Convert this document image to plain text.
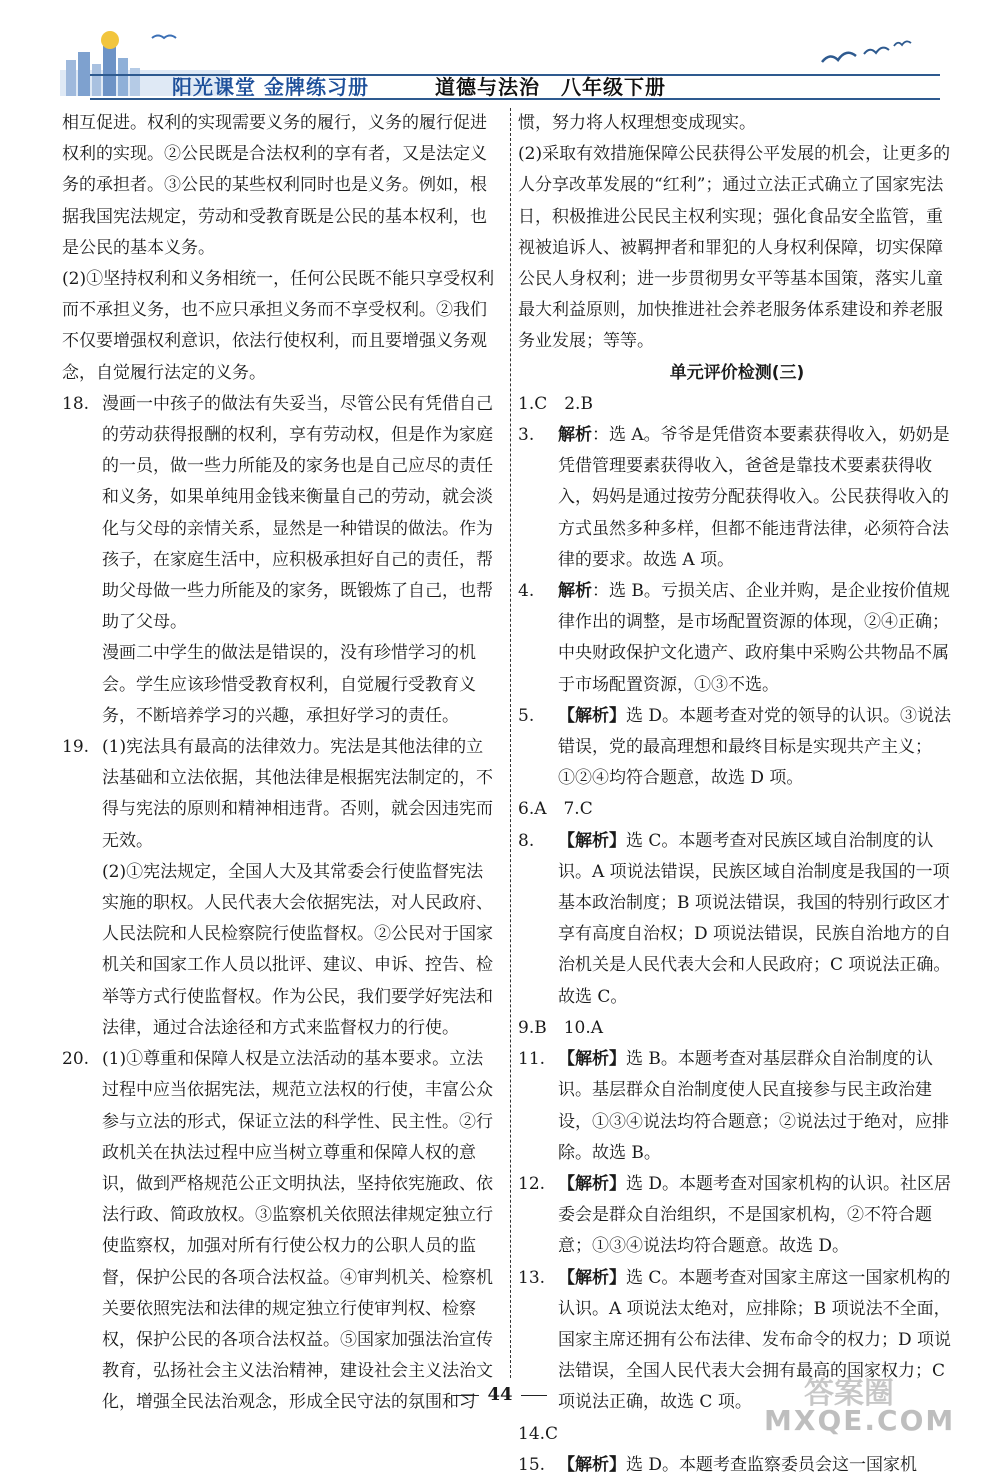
阳光课堂 金牌练习册	道德与法治　八年级下册

相互促进。权利的实现需要义务的履行，义务的履行促进权利的实现。②公民既是合法权利的享有者，又是法定义务的承担者。③公民的某些权利同时也是义务。例如，根据我国宪法规定，劳动和受教育既是公民的基本权利，也是公民的基本义务。

(2)①坚持权利和义务相统一，任何公民既不能只享受权利而不承担义务，也不应只承担义务而不享受权利。②我们不仅要增强权利意识，依法行使权利，而且要增强义务观念，自觉履行法定的义务。

18. 漫画一中孩子的做法有失妥当，尽管公民有凭借自己的劳动获得报酬的权利，享有劳动权，但是作为家庭的一员，做一些力所能及的家务也是自己应尽的责任和义务，如果单纯用金钱来衡量自己的劳动，就会淡化与父母的亲情关系，显然是一种错误的做法。作为孩子，在家庭生活中，应积极承担好自己的责任，帮助父母做一些力所能及的家务，既锻炼了自己，也帮助了父母。

漫画二中学生的做法是错误的，没有珍惜学习的机会。学生应该珍惜受教育权利，自觉履行受教育义务，不断培养学习的兴趣，承担好学习的责任。

19. (1)宪法具有最高的法律效力。宪法是其他法律的立法基础和立法依据，其他法律是根据宪法制定的，不得与宪法的原则和精神相违背。否则，就会因违宪而无效。

(2)①宪法规定，全国人大及其常委会行使监督宪法实施的职权。人民代表大会依据宪法，对人民政府、人民法院和人民检察院行使监督权。②公民对于国家机关和国家工作人员以批评、建议、申诉、控告、检举等方式行使监督权。作为公民，我们要学好宪法和法律，通过合法途径和方式来监督权力的行使。

20. (1)①尊重和保障人权是立法活动的基本要求。立法过程中应当依据宪法，规范立法权的行使，丰富公众参与立法的形式，保证立法的科学性、民主性。②行政机关在执法过程中应当树立尊重和保障人权的意识，做到严格规范公正文明执法，坚持依宪施政、依法行政、简政放权。③监察机关依照法律规定独立行使监察权，加强对所有行使公权力的公职人员的监督，保护公民的各项合法权益。④审判机关、检察机关要依照宪法和法律的规定独立行使审判权、检察权，保护公民的各项合法权益。⑤国家加强法治宣传教育，弘扬社会主义法治精神，建设社会主义法治文化，增强全民法治观念，形成全民守法的氛围和习

惯，努力将人权理想变成现实。

(2)采取有效措施保障公民获得公平发展的机会，让更多的人分享改革发展的“红利”；通过立法正式确立了国家宪法日，积极推进公民民主权利实现；强化食品安全监管，重视被追诉人、被羁押者和罪犯的人身权利保障，切实保障公民人身权利；进一步贯彻男女平等基本国策，落实儿童最大利益原则，加快推进社会养老服务体系建设和养老服务业发展；等等。

单元评价检测(三)

1.C　2.B

3. 解析：选 A。爷爷是凭借资本要素获得收入，奶奶是凭借管理要素获得收入，爸爸是靠技术要素获得收入，妈妈是通过按劳分配获得收入。公民获得收入的方式虽然多种多样，但都不能违背法律，必须符合法律的要求。故选 A 项。

4. 解析：选 B。亏损关店、企业并购，是企业按价值规律作出的调整，是市场配置资源的体现，②④正确；中央财政保护文化遗产、政府集中采购公共物品不属于市场配置资源，①③不选。

5. 【解析】选 D。本题考查对党的领导的认识。③说法错误，党的最高理想和最终目标是实现共产主义；①②④均符合题意，故选 D 项。

6.A　7.C

8. 【解析】选 C。本题考查对民族区域自治制度的认识。A 项说法错误，民族区域自治制度是我国的一项基本政治制度；B 项说法错误，我国的特别行政区才享有高度自治权；D 项说法错误，民族自治地方的自治机关是人民代表大会和人民政府；C 项说法正确。故选 C。

9.B　10.A

11. 【解析】选 B。本题考查对基层群众自治制度的认识。基层群众自治制度使人民直接参与民主政治建设，①③④说法均符合题意；②说法过于绝对，应排除。故选 B。

12. 【解析】选 D。本题考查对国家机构的认识。社区居委会是群众自治组织，不是国家机构，②不符合题意；①③④说法均符合题意。故选 D。

13. 【解析】选 C。本题考查对国家主席这一国家机构的认识。A 项说法太绝对，应排除；B 项说法不全面，国家主席还拥有公布法律、发布命令的权力；D 项说法错误，全国人民代表大会拥有最高的国家权力；C 项说法正确，故选 C 项。

14.C

15. 【解析】选 D。本题考查监察委员会这一国家机

44	答案圈
MXQE.COM
